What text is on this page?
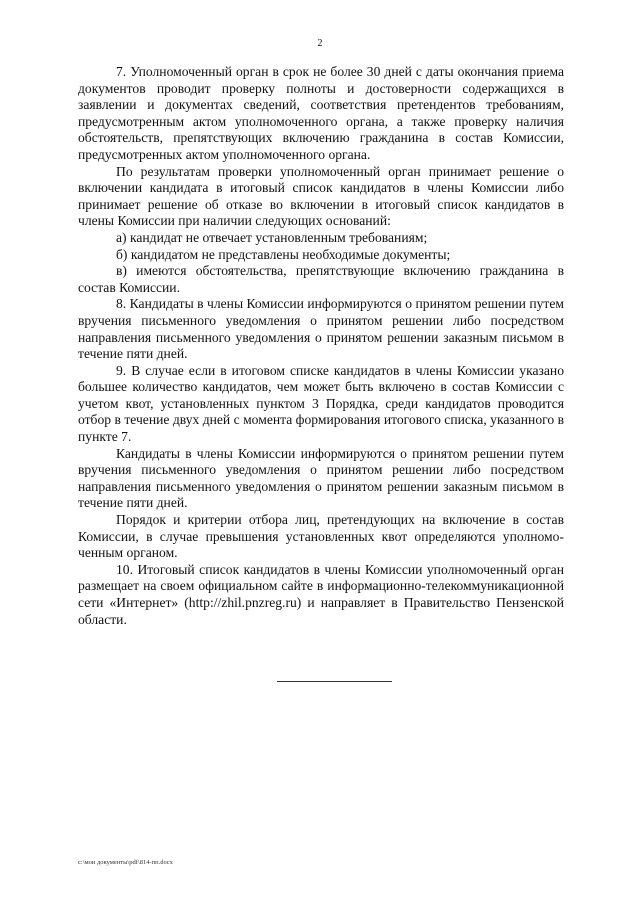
2

7. Уполномоченный орган в срок не более 30 дней с даты окончания приема документов проводит проверку полноты и достоверности содержащихся в заявлении и документах сведений, соответствия претендентов требованиям, предусмотренным актом уполномоченного органа, а также проверку наличия обстоятельств, препятствующих включению гражданина в состав Комиссии, предусмотренных актом уполномоченного органа.

По результатам проверки уполномоченный орган принимает решение о включении кандидата в итоговый список кандидатов в члены Комиссии либо принимает решение об отказе во включении в итоговый список кандидатов в члены Комиссии при наличии следующих оснований:

а) кандидат не отвечает установленным требованиям;

б) кандидатом не представлены необходимые документы;

в) имеются обстоятельства, препятствующие включению гражданина в состав Комиссии.

8. Кандидаты в члены Комиссии информируются о принятом решении путем вручения письменного уведомления о принятом решении либо посредством направления письменного уведомления о принятом решении заказным письмом в течение пяти дней.

9. В случае если в итоговом списке кандидатов в члены Комиссии указано большее количество кандидатов, чем может быть включено в состав Комиссии с учетом квот, установленных пунктом 3 Порядка, среди кандидатов проводится отбор в течение двух дней с момента формирования итогового списка, указанного в пункте 7.

Кандидаты в члены Комиссии информируются о принятом решении путем вручения письменного уведомления о принятом решении либо посредством направления письменного уведомления о принятом решении заказным письмом в течение пяти дней.

Порядок и критерии отбора лиц, претендующих на включение в состав Комиссии, в случае превышения установленных квот определяются уполномо-ченным органом.

10. Итоговый список кандидатов в члены Комиссии уполномоченный орган размещает на своем официальном сайте в информационно-телекоммуникационной сети «Интернет» (http://zhil.pnzreg.ru) и направляет в Правительство Пензенской области.

c:\мои документы\pdf\814-пп.docx
